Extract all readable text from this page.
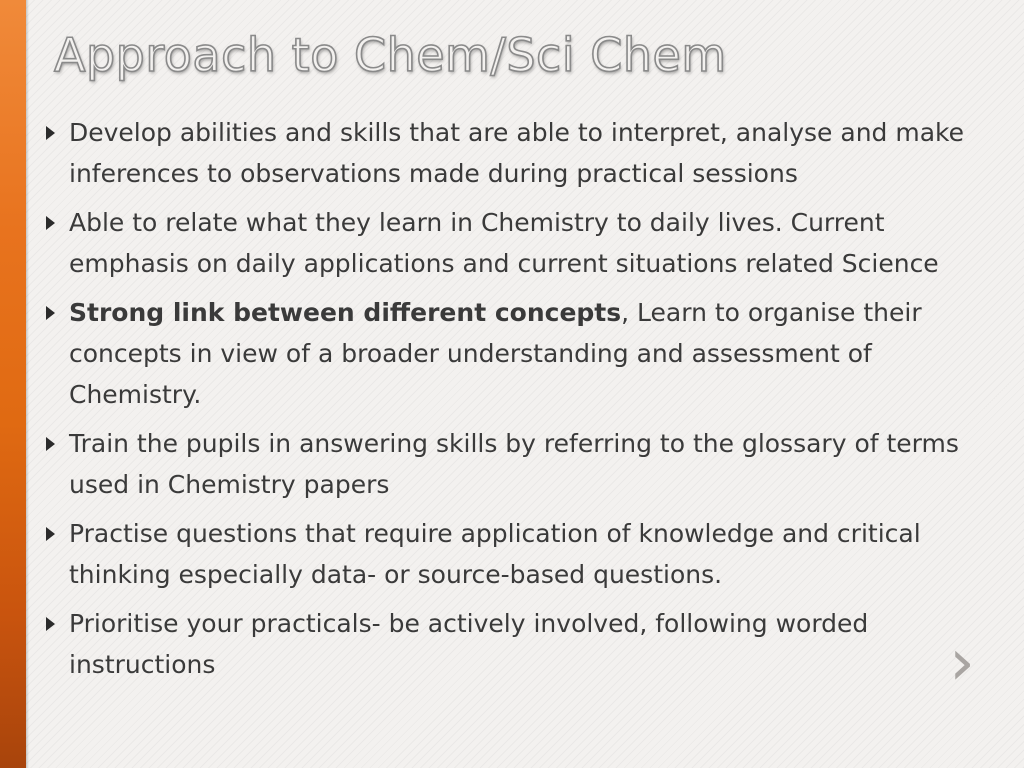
Approach to Chem/Sci Chem
Develop abilities and skills that are able to interpret, analyse and make inferences to observations made during practical sessions
Able to relate what they learn in Chemistry to daily lives. Current emphasis on daily applications and current situations related Science
Strong link between different concepts, Learn to organise their concepts in view of a broader understanding and assessment of Chemistry.
Train the pupils in answering skills by referring to the glossary of terms used in Chemistry papers
Practise questions that require application of knowledge and critical thinking especially data- or source-based questions.
Prioritise your practicals- be actively involved, following worded instructions	›
